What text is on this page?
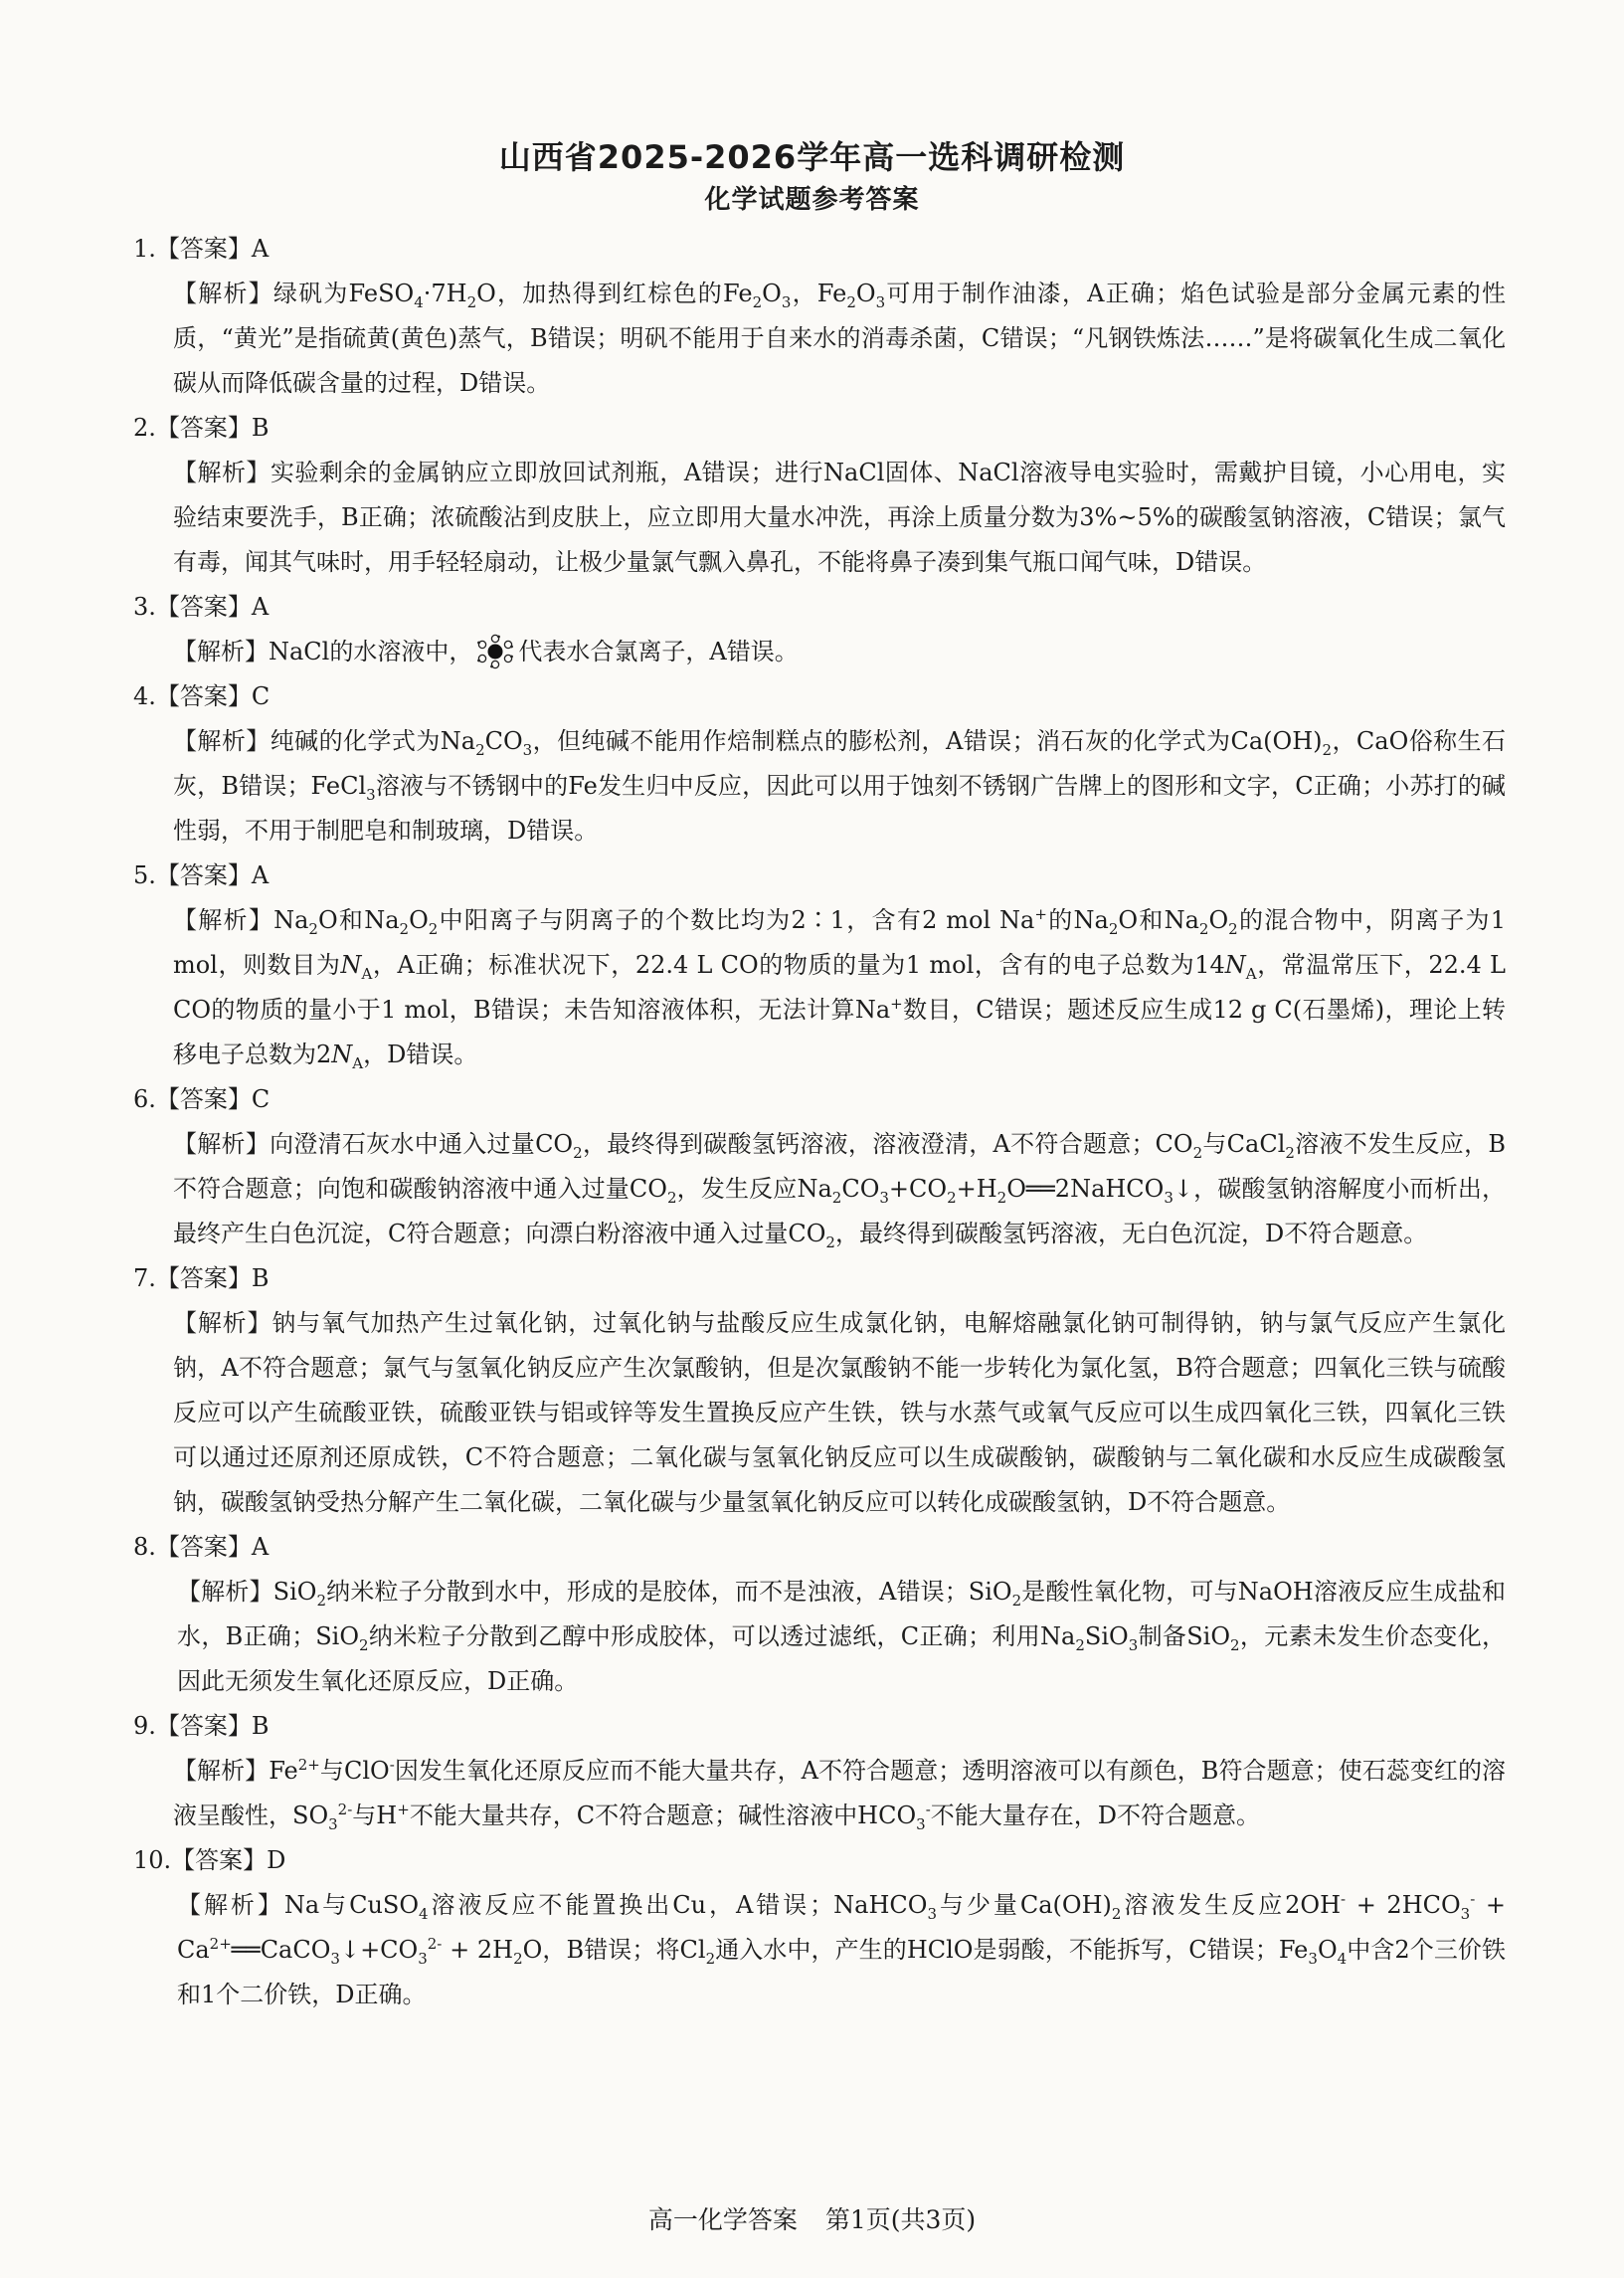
山西省2025-2026学年高一选科调研检测
化学试题参考答案
1.【答案】A
【解析】绿矾为$FeSO_4\cdot 7H_2O$，加热得到红棕色的$Fe_2O_3$，$Fe_2O_3$可用于制作油漆，A正确；焰色试验是部分金属元素的性质，“黄光”是指硫黄(黄色)蒸气，B错误；明矾不能用于自来水的消毒杀菌，C错误；“凡钢铁炼法……”是将碳氧化生成二氧化碳从而降低碳含量的过程，D错误。
2.【答案】B
【解析】实验剩余的金属钠应立即放回试剂瓶，A错误；进行NaCl固体、NaCl溶液导电实验时，需戴护目镜，小心用电，实验结束要洗手，B正确；浓硫酸沾到皮肤上，应立即用大量水冲洗，再涂上质量分数为3%~5%的碳酸氢钠溶液，C错误；氯气有毒，闻其气味时，用手轻轻扇动，让极少量氯气飘入鼻孔，不能将鼻子凑到集气瓶口闻气味，D错误。
3.【答案】A
【解析】NaCl的水溶液中， 代表水合氯离子，A错误。
4.【答案】C
【解析】纯碱的化学式为$Na_2CO_3$，但纯碱不能用作焙制糕点的膨松剂，A错误；消石灰的化学式为$Ca(OH)_2$，CaO俗称生石灰，B错误；FeCl$_3$溶液与不锈钢中的Fe发生归中反应，因此可以用于蚀刻不锈钢广告牌上的图形和文字，C正确；小苏打的碱性弱，不用于制肥皂和制玻璃，D错误。
5.【答案】A
【解析】$Na_2O$和$Na_2O_2$中阳离子与阴离子的个数比均为2∶1，含有2 mol Na+的$Na_2O$和$Na_2O_2$的混合物中，阴离子为1 mol，则数目为$N_A$，A正确；标准状况下，22.4 L CO的物质的量为1 mol，含有的电子总数为$14N_A$，常温常压下，22.4 L CO的物质的量小于1 mol，B错误；未告知溶液体积，无法计算Na+数目，C错误；题述反应生成12 g C(石墨烯)，理论上转移电子总数为$2N_A$，D错误。
6.【答案】C
【解析】向澄清石灰水中通入过量$CO_2$，最终得到碳酸氢钙溶液，溶液澄清，A不符合题意；$CO_2$与CaCl$_2$溶液不发生反应，B不符合题意；向饱和碳酸钠溶液中通入过量$CO_2$，发生反应$Na_2CO_3+CO_2+H_2O══2NaHCO_3↓$，碳酸氢钠溶解度小而析出，最终产生白色沉淀，C符合题意；向漂白粉溶液中通入过量$CO_2$，最终得到碳酸氢钙溶液，无白色沉淀，D不符合题意。
7.【答案】B
【解析】钠与氧气加热产生过氧化钠，过氧化钠与盐酸反应生成氯化钠，电解熔融氯化钠可制得钠，钠与氯气反应产生氯化钠，A不符合题意；氯气与氢氧化钠反应产生次氯酸钠，但是次氯酸钠不能一步转化为氯化氢，B符合题意；四氧化三铁与硫酸反应可以产生硫酸亚铁，硫酸亚铁与铝或锌等发生置换反应产生铁，铁与水蒸气或氧气反应可以生成四氧化三铁，四氧化三铁可以通过还原剂还原成铁，C不符合题意；二氧化碳与氢氧化钠反应可以生成碳酸钠，碳酸钠与二氧化碳和水反应生成碳酸氢钠，碳酸氢钠受热分解产生二氧化碳，二氧化碳与少量氢氧化钠反应可以转化成碳酸氢钠，D不符合题意。
8.【答案】A
【解析】SiO$_2$纳米粒子分散到水中，形成的是胶体，而不是浊液，A错误；SiO$_2$是酸性氧化物，可与NaOH溶液反应生成盐和水，B正确；SiO$_2$纳米粒子分散到乙醇中形成胶体，可以透过滤纸，C正确；利用$Na_2SiO_3$制备SiO$_2$，元素未发生价态变化，因此无须发生氧化还原反应，D正确。
9.【答案】B
【解析】$Fe^{2+}$与ClO-因发生氧化还原反应而不能大量共存，A不符合题意；透明溶液可以有颜色，B符合题意；使石蕊变红的溶液呈酸性，$SO_3^{2-}$与H+不能大量共存，C不符合题意；碱性溶液中$HCO_3^-$不能大量存在，D不符合题意。
10.【答案】D
【解析】Na与CuSO$_4$溶液反应不能置换出Cu，A错误；NaHCO$_3$与少量$Ca(OH)_2$溶液发生反应$2OH^- + 2HCO_3^-$ + $Ca^{2+}══CaCO_3↓+CO_3^{2-} + 2H_2O$，B错误；将$Cl_2$通入水中，产生的HClO是弱酸，不能拆写，C错误；$Fe_3O_4$中含2个三价铁和1个二价铁，D正确。
高一化学答案 第1页(共3页)
